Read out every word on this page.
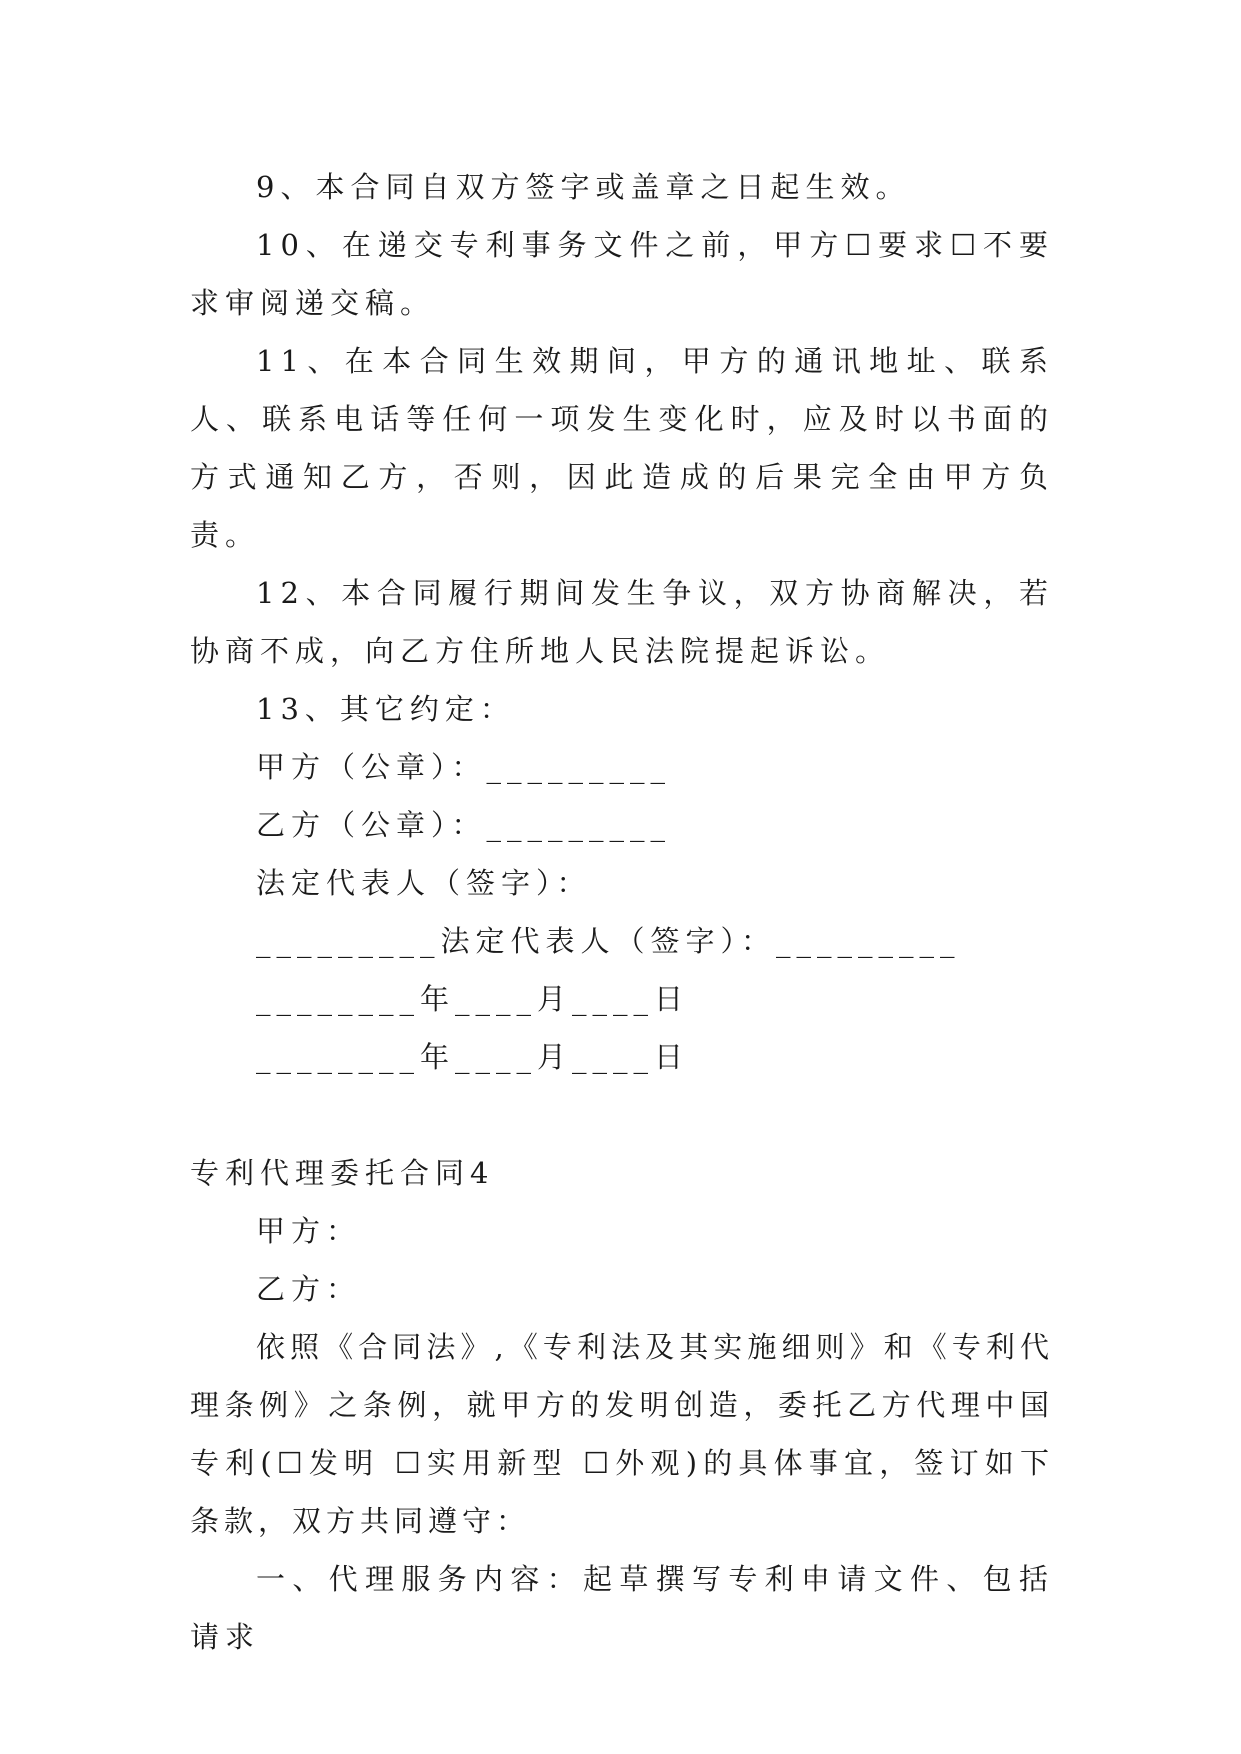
9、本合同自双方签字或盖章之日起生效。

10、在递交专利事务文件之前，甲方☐要求☐不要求审阅递交稿。

11、在本合同生效期间，甲方的通讯地址、联系人、联系电话等任何一项发生变化时，应及时以书面的方式通知乙方，否则，因此造成的后果完全由甲方负责。

12、本合同履行期间发生争议，双方协商解决，若协商不成，向乙方住所地人民法院提起诉讼。

13、其它约定：

甲方（公章）：_________

乙方（公章）：_________

法定代表人（签字）：

_________法定代表人（签字）：_________

________年____月____日

________年____月____日

专利代理委托合同4

甲方：

乙方：

依照《合同法》,《专利法及其实施细则》和《专利代理条例》之条例，就甲方的发明创造，委托乙方代理中国专利(☐发明 ☐实用新型 ☐外观)的具体事宜，签订如下条款，双方共同遵守：

一、代理服务内容：起草撰写专利申请文件、包括请求
